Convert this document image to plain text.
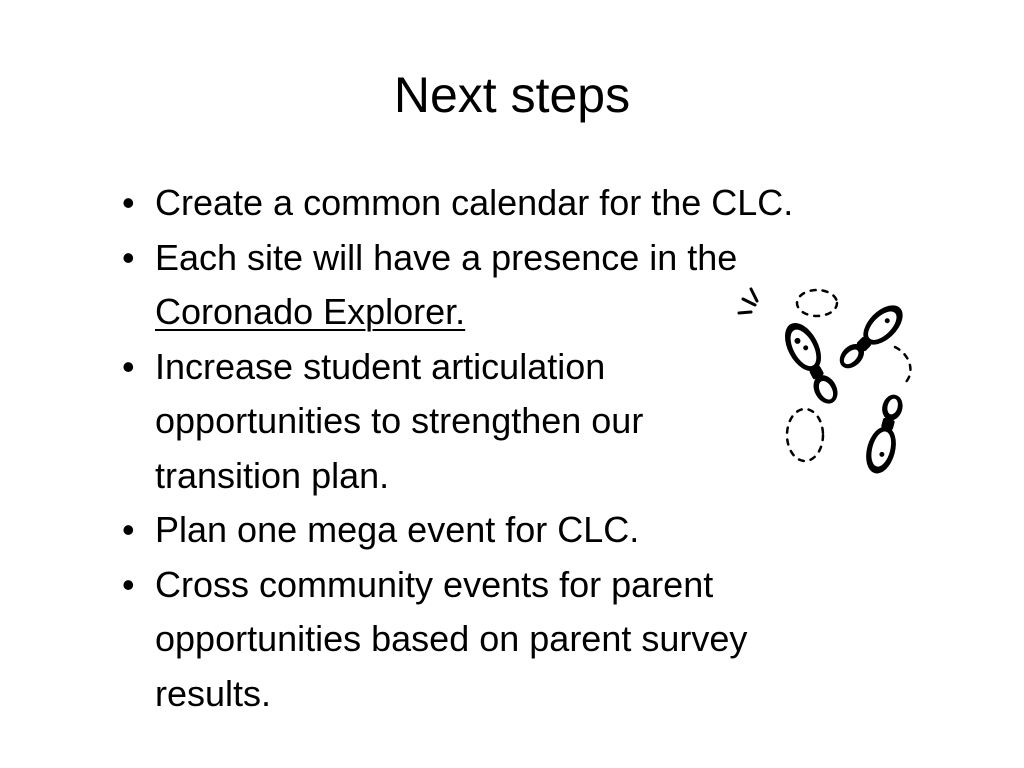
Next steps
• Create a common calendar for the CLC.
• Each site will have a presence in the
Coronado Explorer.
• Increase student articulation
opportunities to strengthen our
transition plan.
• Plan one mega event for CLC.
• Cross community events for parent
opportunities based on parent survey
results.
